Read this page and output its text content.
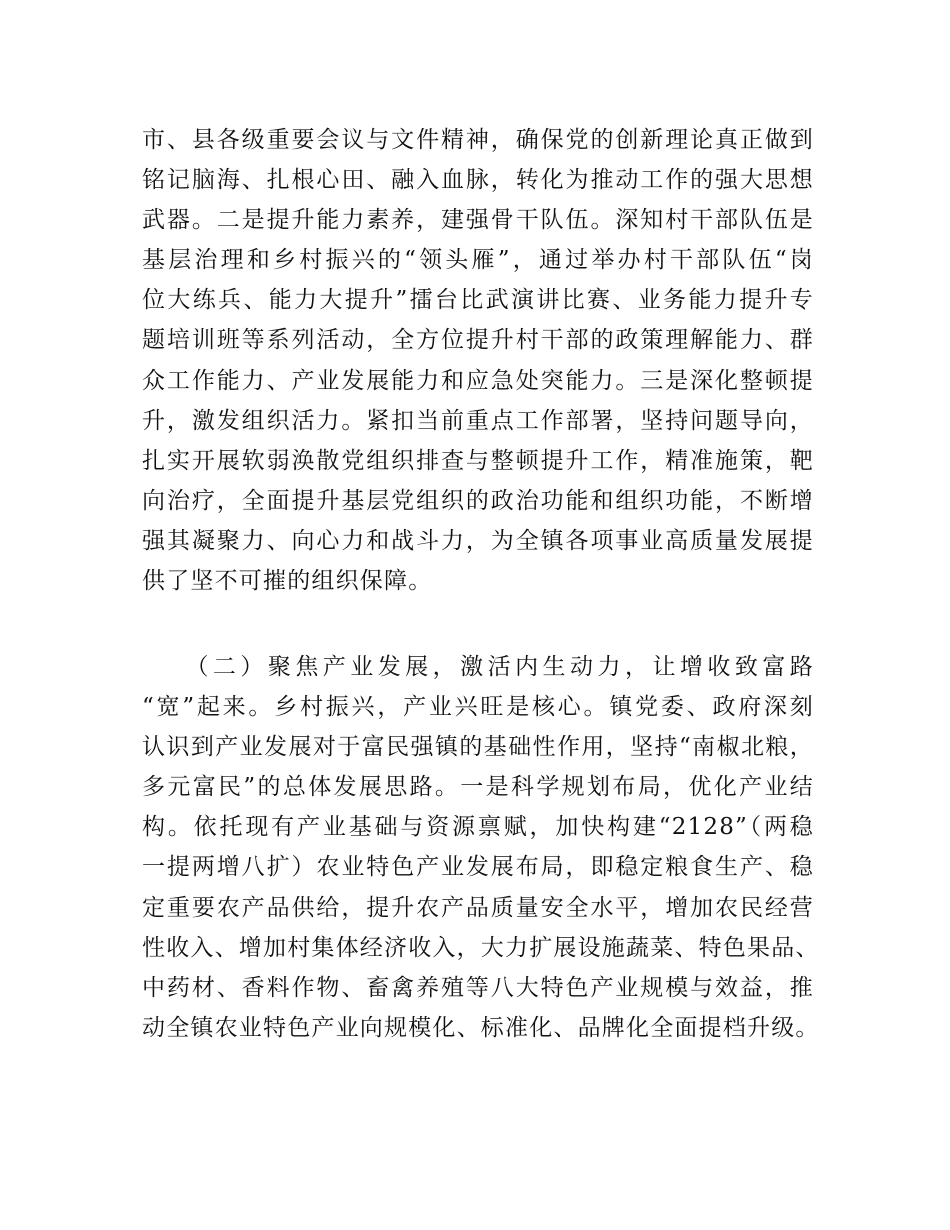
市、县各级重要会议与文件精神，确保党的创新理论真正做到
铭记脑海、扎根心田、融入血脉，转化为推动工作的强大思想
武器。二是提升能力素养，建强骨干队伍。深知村干部队伍是
基层治理和乡村振兴的“领头雁”，通过举办村干部队伍“岗
位大练兵、能力大提升”擂台比武演讲比赛、业务能力提升专
题培训班等系列活动，全方位提升村干部的政策理解能力、群
众工作能力、产业发展能力和应急处突能力。三是深化整顿提
升，激发组织活力。紧扣当前重点工作部署，坚持问题导向，
扎实开展软弱涣散党组织排查与整顿提升工作，精准施策，靶
向治疗，全面提升基层党组织的政治功能和组织功能，不断增
强其凝聚力、向心力和战斗力，为全镇各项事业高质量发展提
供了坚不可摧的组织保障。
　　（二）聚焦产业发展，激活内生动力，让增收致富路
“宽”起来。乡村振兴，产业兴旺是核心。镇党委、政府深刻
认识到产业发展对于富民强镇的基础性作用，坚持“南椒北粮，
多元富民”的总体发展思路。一是科学规划布局，优化产业结
构。依托现有产业基础与资源禀赋，加快构建“2128”（两稳
一提两增八扩）农业特色产业发展布局，即稳定粮食生产、稳
定重要农产品供给，提升农产品质量安全水平，增加农民经营
性收入、增加村集体经济收入，大力扩展设施蔬菜、特色果品、
中药材、香料作物、畜禽养殖等八大特色产业规模与效益，推
动全镇农业特色产业向规模化、标准化、品牌化全面提档升级。
